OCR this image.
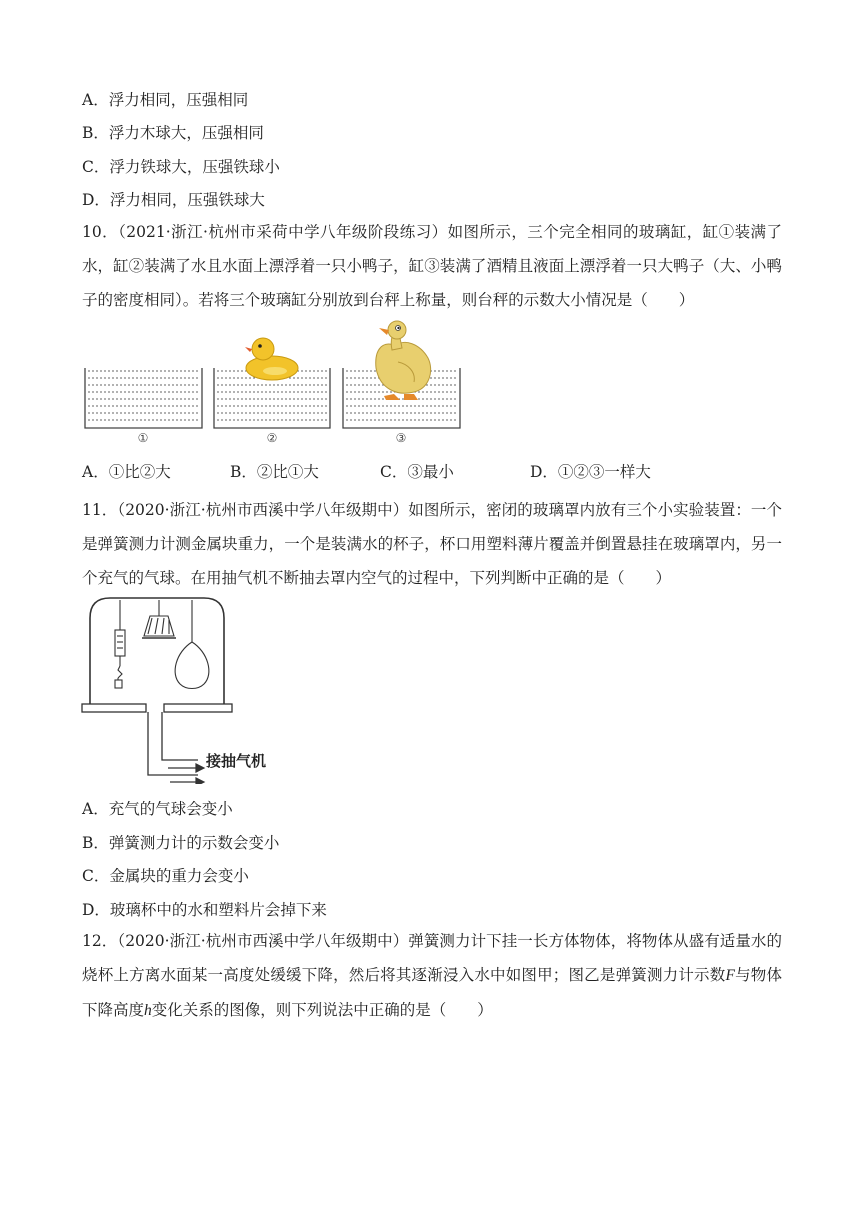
A．浮力相同，压强相同
B．浮力木球大，压强相同
C．浮力铁球大，压强铁球小
D．浮力相同，压强铁球大
10．（2021·浙江·杭州市采荷中学八年级阶段练习）如图所示，三个完全相同的玻璃缸，缸①装满了水，缸②装满了水且水面上漂浮着一只小鸭子，缸③装满了酒精且液面上漂浮着一只大鸭子（大、小鸭子的密度相同）。若将三个玻璃缸分别放到台秤上称量，则台秤的示数大小情况是（　　）
①	②	③
A．①比②大	B．②比①大	C．③最小	D．①②③一样大
11．（2020·浙江·杭州市西溪中学八年级期中）如图所示，密闭的玻璃罩内放有三个小实验装置：一个是弹簧测力计测金属块重力，一个是装满水的杯子，杯口用塑料薄片覆盖并倒置悬挂在玻璃罩内，另一个充气的气球。在用抽气机不断抽去罩内空气的过程中，下列判断中正确的是（　　）
接抽气机
A．充气的气球会变小
B．弹簧测力计的示数会变小
C．金属块的重力会变小
D．玻璃杯中的水和塑料片会掉下来
12．（2020·浙江·杭州市西溪中学八年级期中）弹簧测力计下挂一长方体物体，将物体从盛有适量水的烧杯上方离水面某一高度处缓缓下降，然后将其逐渐浸入水中如图甲；图乙是弹簧测力计示数F与物体下降高度h变化关系的图像，则下列说法中正确的是（　　）
